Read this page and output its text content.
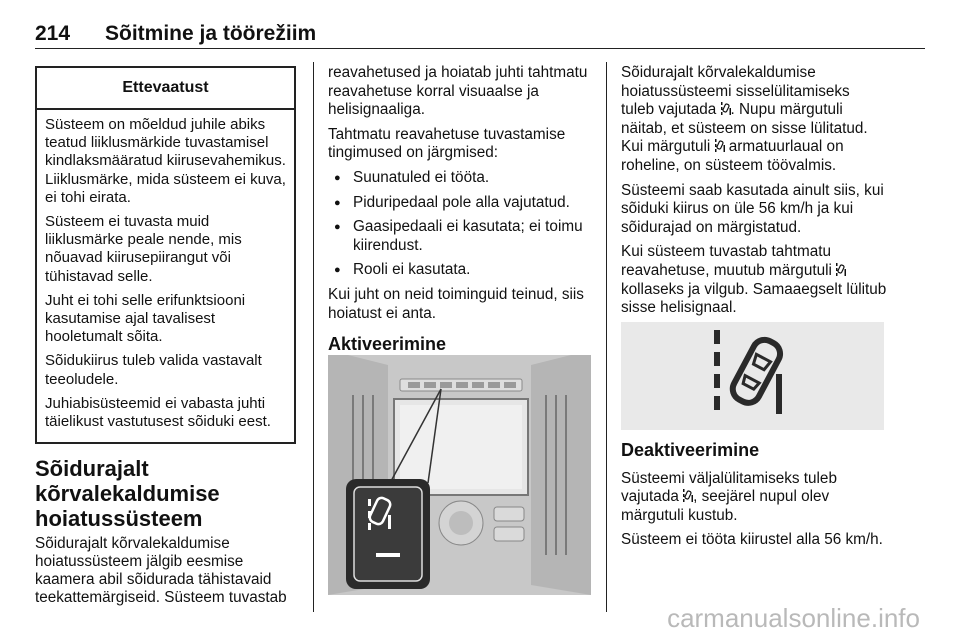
214 Sõitmine ja töörežiim
Ettevaatust

Süsteem on mõeldud juhile abiks teatud liiklusmärkide tuvastamisel kindlaksmääratud kiirusevahemikus. Liiklusmärke, mida süsteem ei kuva, ei tohi eirata.

Süsteem ei tuvasta muid liiklusmärke peale nende, mis nõuavad kiirusepiirangut või tühistavad selle.

Juht ei tohi selle erifunktsiooni kasutamise ajal tavalisest hooletumalt sõita.

Sõidukiirus tuleb valida vastavalt teeoludele.

Juhiabisüsteemid ei vabasta juhti täielikust vastutusest sõiduki eest.

Sõidurajalt kõrvalekaldumise hoiatussüsteem

Sõidurajalt kõrvalekaldumise hoiatussüsteem jälgib eesmise kaamera abil sõidurada tähistavaid teekattemärgiseid. Süsteem tuvastab

reavahetused ja hoiatab juhti tahtmatu reavahetuse korral visuaalse ja helisignaaliga.

Tahtmatu reavahetuse tuvastamise tingimused on järgmised:

● Suunatuled ei tööta.
● Piduripedaal pole alla vajutatud.
● Gaasipedaali ei kasutata; ei toimu kiirendust.
● Rooli ei kasutata.

Kui juht on neid toiminguid teinud, siis hoiatust ei anta.

Aktiveerimine

Sõidurajalt kõrvalekaldumise hoiatussüsteemi sisselülitamiseks tuleb vajutada . Nupu märgutuli näitab, et süsteem on sisse lülitatud. Kui märgutuli  armatuurlaual on roheline, on süsteem töövalmis.

Süsteemi saab kasutada ainult siis, kui sõiduki kiirus on üle 56 km/h ja kui sõidurajad on märgistatud.

Kui süsteem tuvastab tahtmatu reavahetuse, muutub märgutuli  kollaseks ja vilgub. Samaaegselt lülitub sisse helisignaal.

Deaktiveerimine

Süsteemi väljalülitamiseks tuleb vajutada , seejärel nupul olev märgutuli kustub.

Süsteem ei tööta kiirustel alla 56 km/h.

carmanualsonline.info
